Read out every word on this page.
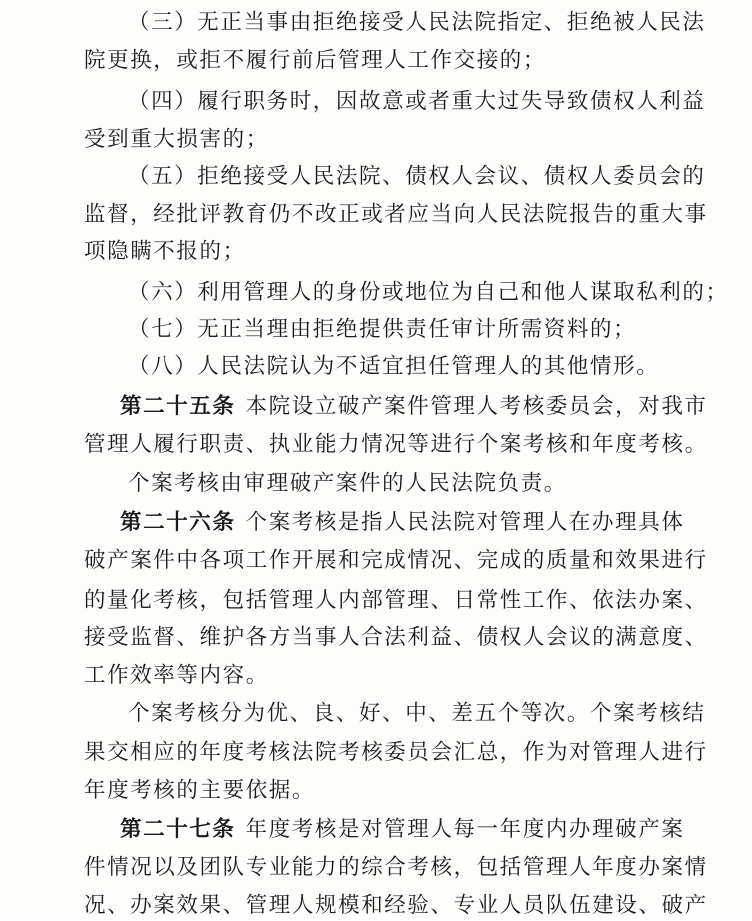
（三）无正当事由拒绝接受人民法院指定、拒绝被人民法
院更换，或拒不履行前后管理人工作交接的；
（四）履行职务时，因故意或者重大过失导致债权人利益
受到重大损害的；
（五）拒绝接受人民法院、债权人会议、债权人委员会的
监督，经批评教育仍不改正或者应当向人民法院报告的重大事
项隐瞒不报的；
（六）利用管理人的身份或地位为自己和他人谋取私利的；
（七）无正当理由拒绝提供责任审计所需资料的；
（八）人民法院认为不适宜担任管理人的其他情形。
第二十五条 本院设立破产案件管理人考核委员会，对我市
管理人履行职责、执业能力情况等进行个案考核和年度考核。
个案考核由审理破产案件的人民法院负责。
第二十六条 个案考核是指人民法院对管理人在办理具体
破产案件中各项工作开展和完成情况、完成的质量和效果进行
的量化考核，包括管理人内部管理、日常性工作、依法办案、
接受监督、维护各方当事人合法利益、债权人会议的满意度、
工作效率等内容。
个案考核分为优、良、好、中、差五个等次。个案考核结
果交相应的年度考核法院考核委员会汇总，作为对管理人进行
年度考核的主要依据。
第二十七条 年度考核是对管理人每一年度内办理破产案
件情况以及团队专业能力的综合考核，包括管理人年度办案情
况、办案效果、管理人规模和经验、专业人员队伍建设、破产
